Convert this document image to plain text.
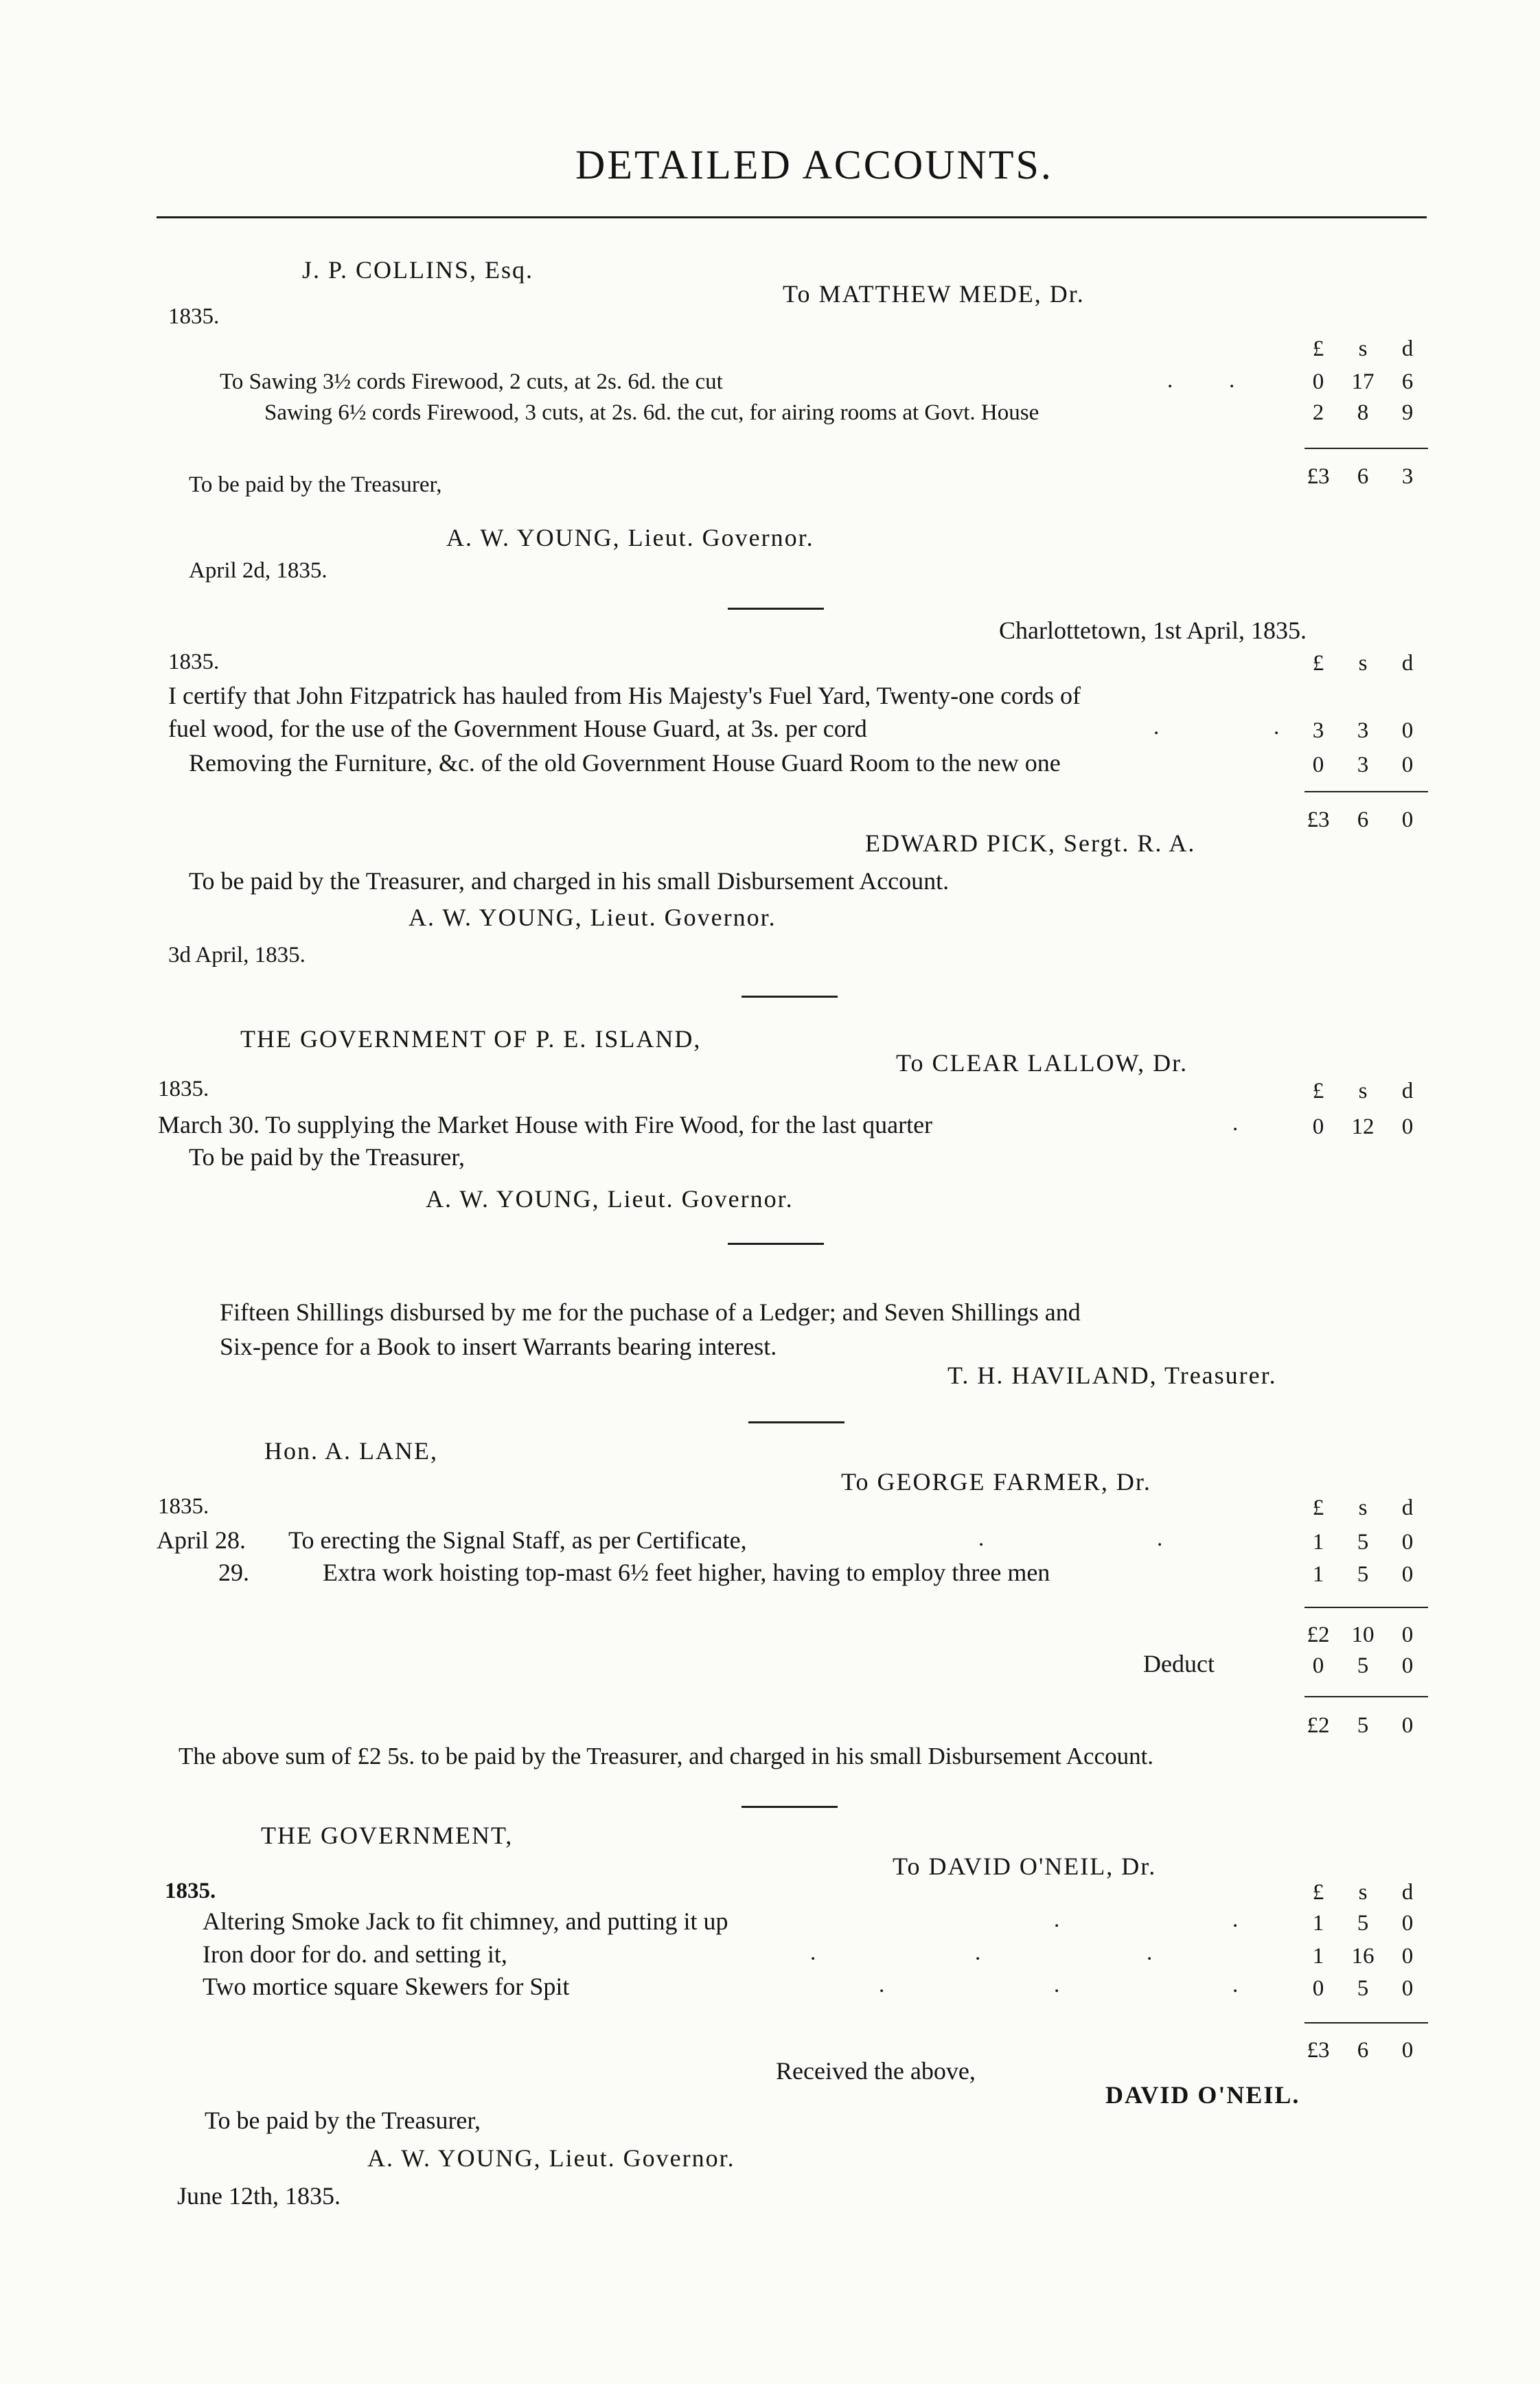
DETAILED ACCOUNTS.
J. P. COLLINS, Esq.
To MATTHEW MEDE, Dr.
1835.
£	s	d
To Sawing 3½ cords Firewood, 2 cuts, at 2s. 6d. the cut	. .	0	17	6
Sawing 6½ cords Firewood, 3 cuts, at 2s. 6d. the cut, for airing rooms at Govt. House	2	8	9
£3	6	3
To be paid by the Treasurer,
A. W. YOUNG, Lieut. Governor.
April 2d, 1835.
Charlottetown, 1st April, 1835.
1835.	£	s	d
I certify that John Fitzpatrick has hauled from His Majesty's Fuel Yard, Twenty-one cords of
fuel wood, for the use of the Government House Guard, at 3s. per cord	.	.	3	3	0
Removing the Furniture, &c. of the old Government House Guard Room to the new one	0	3	0
£3	6	0
EDWARD PICK, Sergt. R. A.
To be paid by the Treasurer, and charged in his small Disbursement Account.
A. W. YOUNG, Lieut. Governor.
3d April, 1835.
THE GOVERNMENT OF P. E. ISLAND,
To CLEAR LALLOW, Dr.
1835.	£	s	d
March 30. To supplying the Market House with Fire Wood, for the last quarter	.	0	12	0
To be paid by the Treasurer,
A. W. YOUNG, Lieut. Governor.
Fifteen Shillings disbursed by me for the puchase of a Ledger; and Seven Shillings and
Six-pence for a Book to insert Warrants bearing interest.
T. H. HAVILAND, Treasurer.
Hon. A. LANE,
To GEORGE FARMER, Dr.
1835.	£	s	d
April 28. To erecting the Signal Staff, as per Certificate,	.	.	1	5	0
29.	Extra work hoisting top-mast 6½ feet higher, having to employ three men	1	5	0
£2 10	0
Deduct	0	5	0
£2	5	0
The above sum of £2 5s. to be paid by the Treasurer, and charged in his small Disbursement Account.
THE GOVERNMENT,
To DAVID O'NEIL, Dr.
1835.	£	s	d
Altering Smoke Jack to fit chimney, and putting it up	.	.	1	5	0
Iron door for do. and setting it,	.	.	.	1	16	0
Two mortice square Skewers for Spit	.	.	.	0	5	0
£3	6	0
Received the above,
DAVID O'NEIL.
To be paid by the Treasurer,
A. W. YOUNG, Lieut. Governor.
June 12th, 1835.
